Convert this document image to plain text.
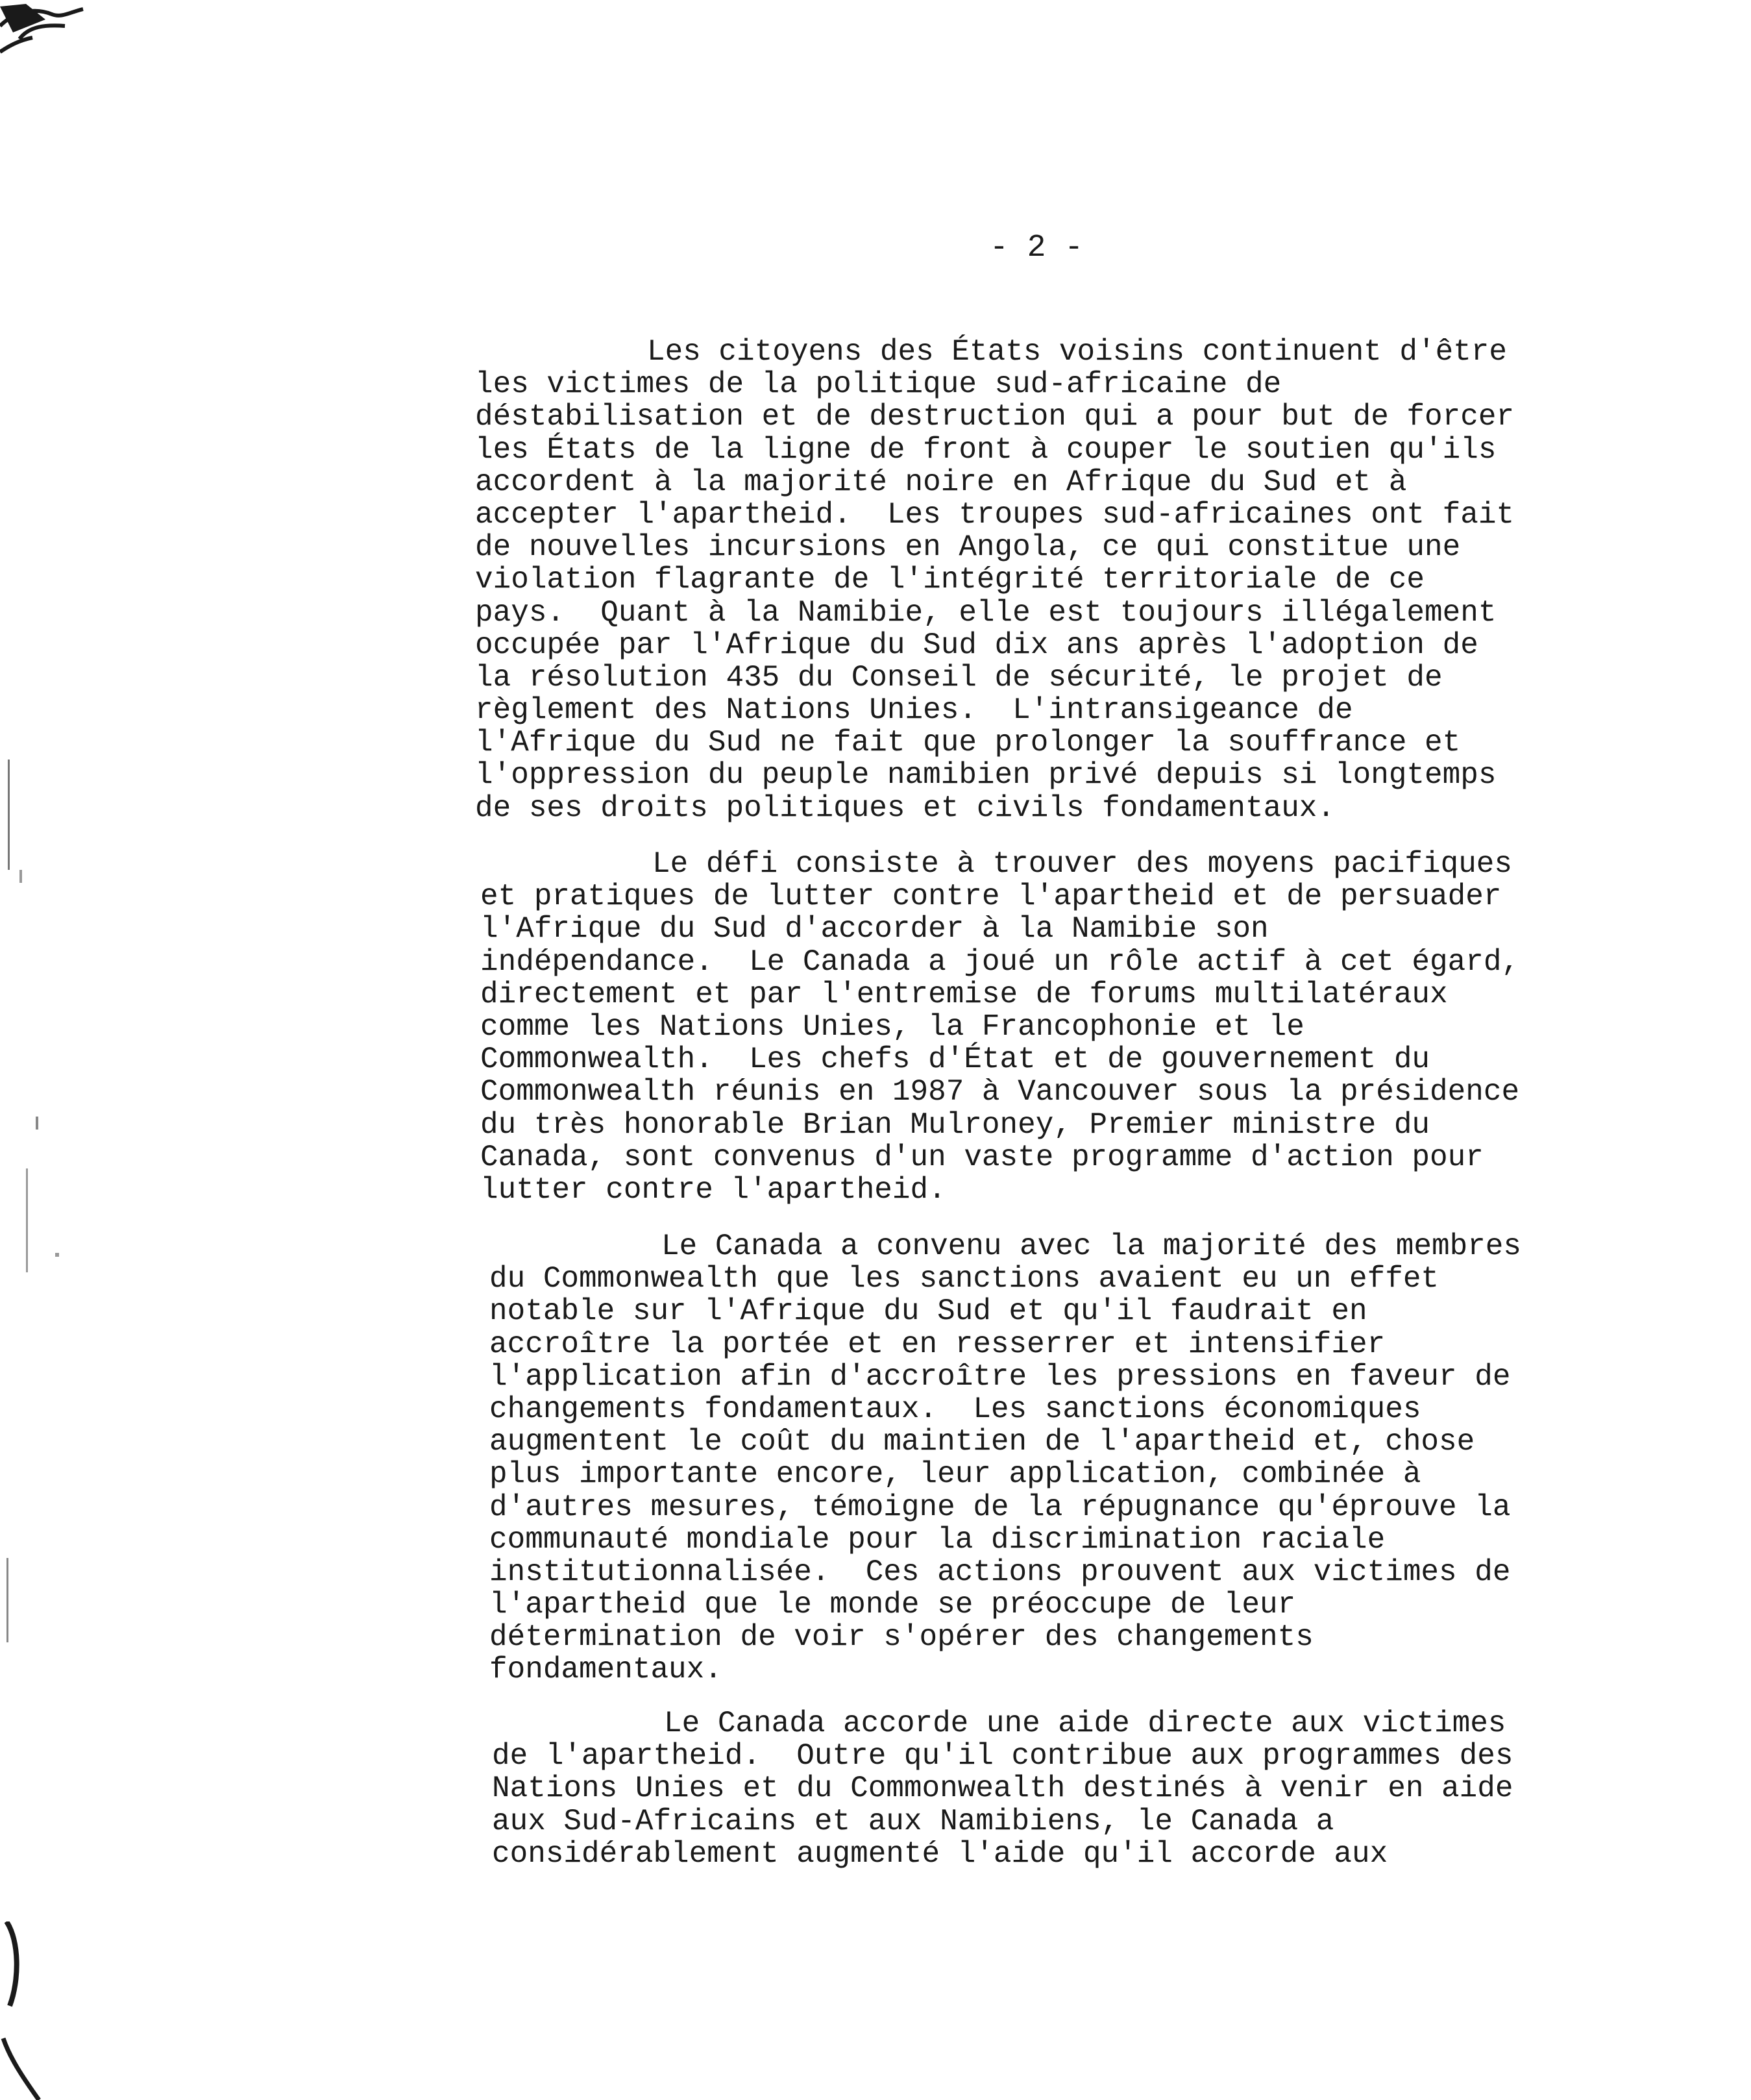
- 2 -

Les citoyens des États voisins continuent d'être
les victimes de la politique sud-africaine de
déstabilisation et de destruction qui a pour but de forcer
les États de la ligne de front à couper le soutien qu'ils
accordent à la majorité noire en Afrique du Sud et à
accepter l'apartheid.  Les troupes sud-africaines ont fait
de nouvelles incursions en Angola, ce qui constitue une
violation flagrante de l'intégrité territoriale de ce
pays.  Quant à la Namibie, elle est toujours illégalement
occupée par l'Afrique du Sud dix ans après l'adoption de
la résolution 435 du Conseil de sécurité, le projet de
règlement des Nations Unies.  L'intransigeance de
l'Afrique du Sud ne fait que prolonger la souffrance et
l'oppression du peuple namibien privé depuis si longtemps
de ses droits politiques et civils fondamentaux.

Le défi consiste à trouver des moyens pacifiques
et pratiques de lutter contre l'apartheid et de persuader
l'Afrique du Sud d'accorder à la Namibie son
indépendance.  Le Canada a joué un rôle actif à cet égard,
directement et par l'entremise de forums multilatéraux
comme les Nations Unies, la Francophonie et le
Commonwealth.  Les chefs d'État et de gouvernement du
Commonwealth réunis en 1987 à Vancouver sous la présidence
du très honorable Brian Mulroney, Premier ministre du
Canada, sont convenus d'un vaste programme d'action pour
lutter contre l'apartheid.

Le Canada a convenu avec la majorité des membres
du Commonwealth que les sanctions avaient eu un effet
notable sur l'Afrique du Sud et qu'il faudrait en
accroître la portée et en resserrer et intensifier
l'application afin d'accroître les pressions en faveur de
changements fondamentaux.  Les sanctions économiques
augmentent le coût du maintien de l'apartheid et, chose
plus importante encore, leur application, combinée à
d'autres mesures, témoigne de la répugnance qu'éprouve la
communauté mondiale pour la discrimination raciale
institutionnalisée.  Ces actions prouvent aux victimes de
l'apartheid que le monde se préoccupe de leur
détermination de voir s'opérer des changements
fondamentaux.

Le Canada accorde une aide directe aux victimes
de l'apartheid.  Outre qu'il contribue aux programmes des
Nations Unies et du Commonwealth destinés à venir en aide
aux Sud-Africains et aux Namibiens, le Canada a
considérablement augmenté l'aide qu'il accorde aux
